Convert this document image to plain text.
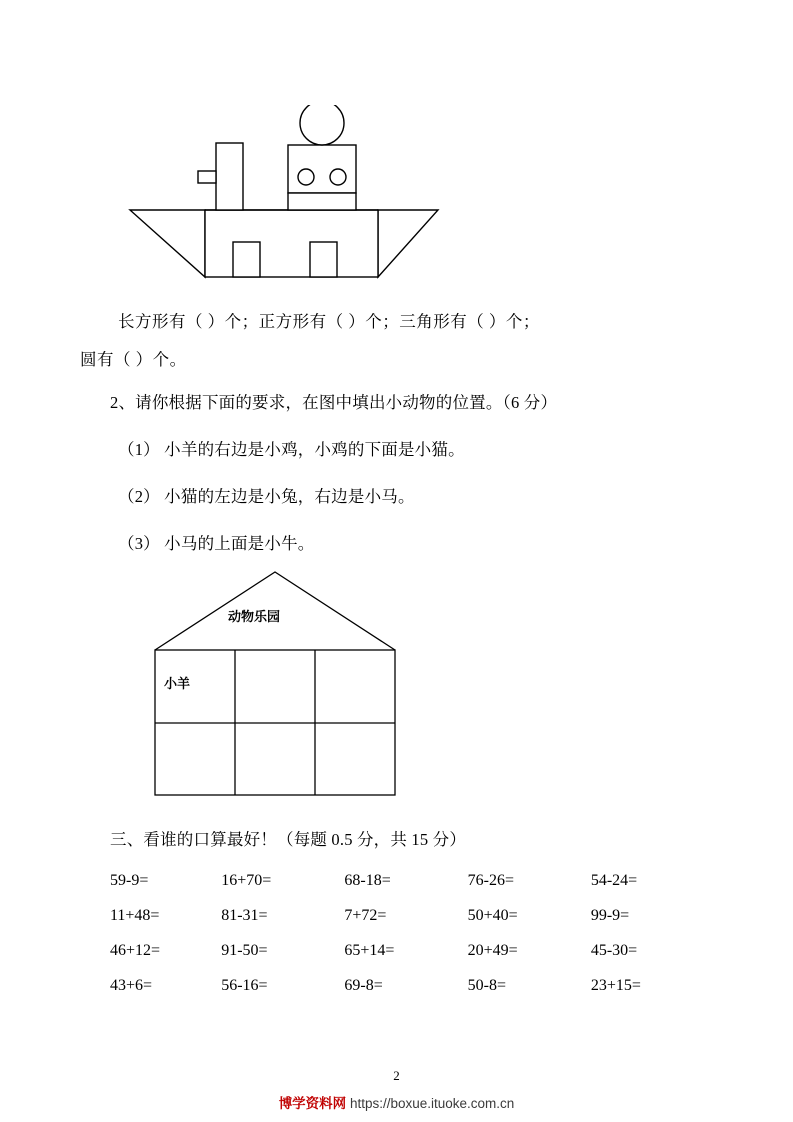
长方形有（ ）个；正方形有（ ）个；三角形有（ ）个；
圆有（ ）个。
2、请你根据下面的要求，在图中填出小动物的位置。（6 分）
（1） 小羊的右边是小鸡，小鸡的下面是小猫。
（2） 小猫的左边是小兔，右边是小马。
（3） 小马的上面是小牛。
动物乐园
小羊
三、看谁的口算最好！（每题 0.5 分，共 15 分）
59-9=	16+70=	68-18=	76-26=	54-24=
11+48=	81-31=	7+72=	50+40=	99-9=
46+12=	91-50=	65+14=	20+49=	45-30=
43+6=	56-16=	69-8=	50-8=	23+15=
2
博学资料网 https://boxue.ituoke.com.cn
